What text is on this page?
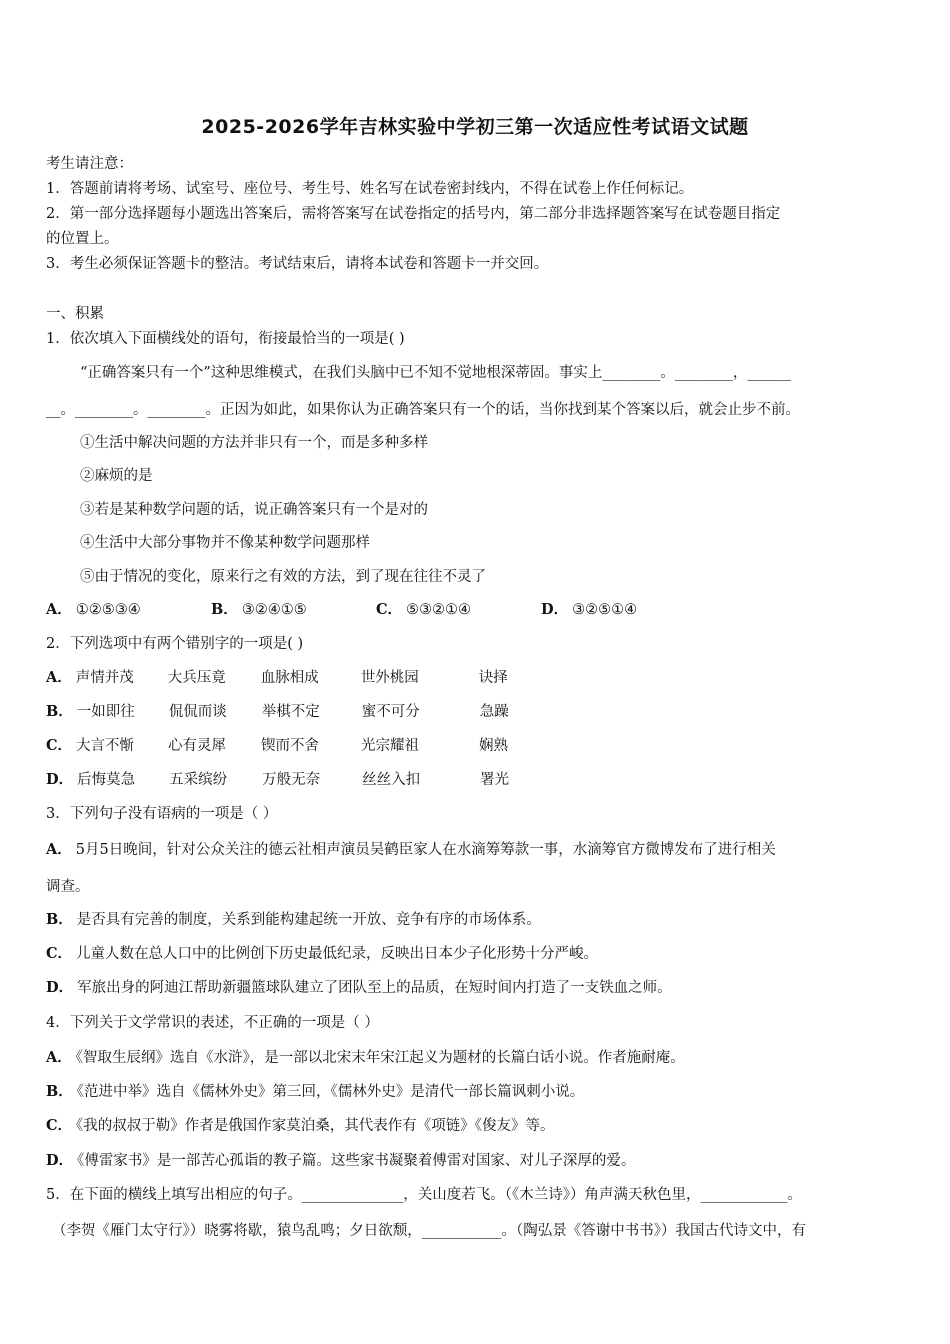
2025-2026学年吉林实验中学初三第一次适应性考试语文试题
考生请注意：
1．答题前请将考场、试室号、座位号、考生号、姓名写在试卷密封线内，不得在试卷上作任何标记。
2．第一部分选择题每小题选出答案后，需将答案写在试卷指定的括号内，第二部分非选择题答案写在试卷题目指定
的位置上。
3．考生必须保证答题卡的整洁。考试结束后，请将本试卷和答题卡一并交回。
一、积累
1．依次填入下面横线处的语句，衔接最恰当的一项是( )
“正确答案只有一个”这种思维模式，在我们头脑中已不知不觉地根深蒂固。事实上________。________，______
__。________。________。正因为如此，如果你认为正确答案只有一个的话，当你找到某个答案以后，就会止步不前。
①生活中解决问题的方法并非只有一个，而是多种多样
②麻烦的是
③若是某种数学问题的话，说正确答案只有一个是对的
④生活中大部分事物并不像某种数学问题那样
⑤由于情况的变化，原来行之有效的方法，到了现在往往不灵了
A． ①②⑤③④	B． ③②④①⑤	C． ⑤③②①④	D． ③②⑤①④
2．下列选项中有两个错别字的一项是( )
A． 声情并茂 大兵压竟 血脉相成	世外桃园	诀择
B． 一如即往 侃侃而谈 举棋不定	蜜不可分	急躁
C． 大言不惭 心有灵犀 锲而不舍	光宗耀祖	娴熟
D． 后悔莫急 五采缤纷 万般无奈	丝丝入扣	署光
3．下列句子没有语病的一项是（ ）
A． 5月5日晚间，针对公众关注的德云社相声演员吴鹤臣家人在水滴筹筹款一事，水滴筹官方微博发布了进行相关
调查。
B． 是否具有完善的制度，关系到能构建起统一开放、竞争有序的市场体系。
C． 儿童人数在总人口中的比例创下历史最低纪录，反映出日本少子化形势十分严峻。
D． 军旅出身的阿迪江帮助新疆篮球队建立了团队至上的品质，在短时间内打造了一支铁血之师。
4．下列关于文学常识的表述，不正确的一项是（ ）
A． 《智取生辰纲》选自《水浒》，是一部以北宋末年宋江起义为题材的长篇白话小说。作者施耐庵。
B． 《范进中举》选自《儒林外史》第三回，《儒林外史》是清代一部长篇讽刺小说。
C． 《我的叔叔于勒》作者是俄国作家莫泊桑，其代表作有《项链》《俊友》等。
D． 《傅雷家书》是一部苦心孤诣的教子篇。这些家书凝聚着傅雷对国家、对儿子深厚的爱。
5．在下面的横线上填写出相应的句子。______________，关山度若飞。（《木兰诗》）角声满天秋色里，____________。
（李贺《雁门太守行》）晓雾将歇，猿鸟乱鸣；夕日欲颓，___________。（陶弘景《答谢中书书》）我国古代诗文中，有
